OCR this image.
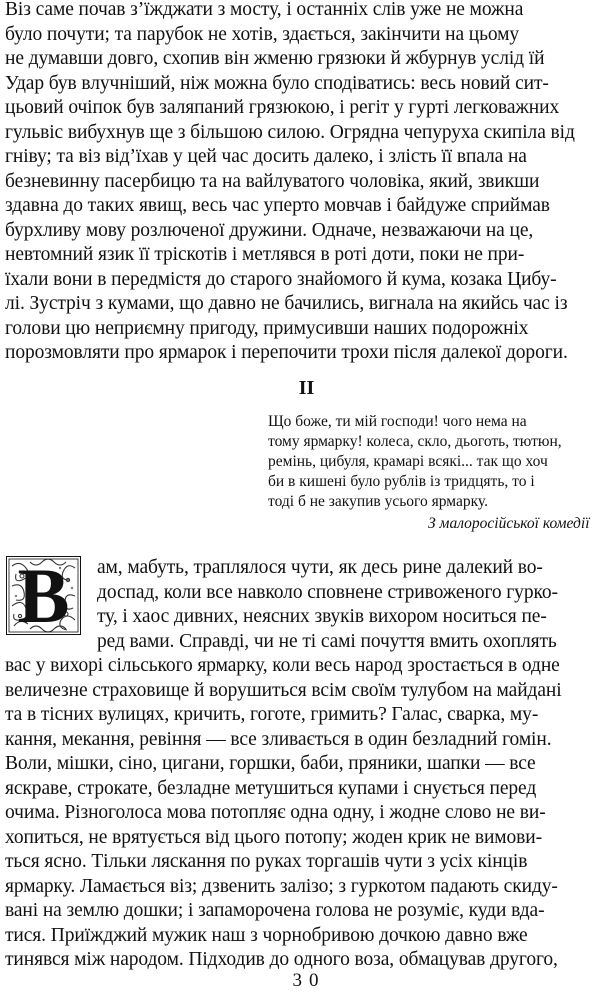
Віз саме почав з’їжджати з мосту, і останніх слів уже не можна
було почути; та парубок не хотів, здається, закінчити на цьому
не думавши довго, схопив він жменю грязюки й жбурнув услід їй
Удар був влучніший, ніж можна було сподіватись: весь новий сит-
цьовий очіпок був заляпаний грязюкою, і регіт у гурті легковажних
гульвіс вибухнув ще з більшою силою. Огрядна чепуруха скипіла від
гніву; та віз від’їхав у цей час досить далеко, і злість її впала на
безневинну пасербицю та на вайлуватого чоловіка, який, звикши
здавна до таких явищ, весь час уперто мовчав і байдуже сприймав
бурхливу мову розлюченої дружини. Одначе, незважаючи на це,
невтомний язик її тріскотів і метлявся в роті доти, поки не при-
їхали вони в передмістя до старого знайомого й кума, козака Цибу-
лі. Зустріч з кумами, що давно не бачились, вигнала на якийсь час із
голови цю неприємну пригоду, примусивши наших подорожніх
порозмовляти про ярмарок і перепочити трохи після далекої дороги.
II
Що боже, ти мій господи! чого нема на
тому ярмарку! колеса, скло, дьоготь, тютюн,
ремінь, цибуля, крамарі всякі... так що хоч
би в кишені було рублів із тридцять, то і
тоді б не закупив усього ярмарку.
З малоросійської комедії
В	ам, мабуть, траплялося чути, як десь рине далекий во-
доспад, коли все навколо сповнене стривоженого гурко-
ту, і хаос дивних, неясних звуків вихором носиться пе-
ред вами. Справді, чи не ті самі почуття вмить охоплять
вас у вихорі сільського ярмарку, коли весь народ зростається в одне
величезне страховище й ворушиться всім своїм тулубом на майдані
та в тісних вулицях, кричить, гоготе, гримить? Галас, сварка, му-
кання, мекання, ревіння — все зливається в один безладний гомін.
Воли, мішки, сіно, цигани, горшки, баби, пряники, шапки — все
яскраве, строкате, безладне метушиться купами і снується перед
очима. Різноголоса мова потопляє одна одну, і жодне слово не ви-
хопиться, не врятується від цього потопу; жоден крик не вимови-
ться ясно. Тільки ляскання по руках торгашів чути з усіх кінців
ярмарку. Ламається віз; дзвенить залізо; з гуркотом падають скиду-
вані на землю дошки; і запаморочена голова не розуміє, куди вда-
тися. Приїжджий мужик наш з чорнобривою дочкою давно вже
тинявся між народом. Підходив до одного воза, обмацував другого,
30
